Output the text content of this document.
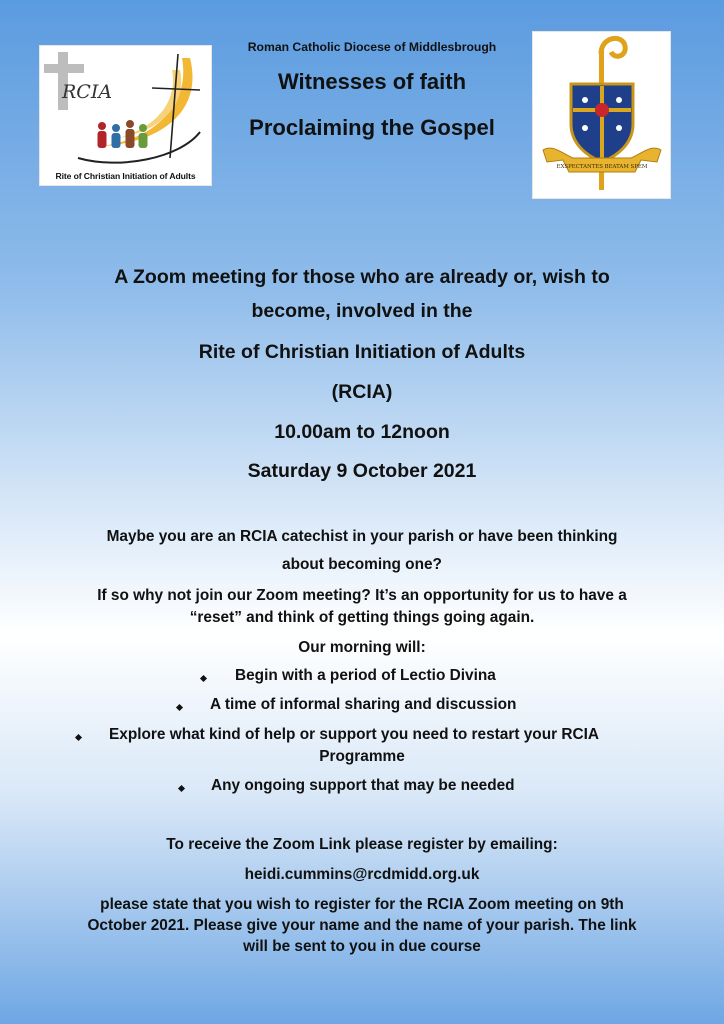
RCIA
Rite of Christian Initiation of Adults
Roman Catholic Diocese of Middlesbrough
Witnesses of faith
Proclaiming the Gospel
EXSPECTANTES BEATAM SPEM
A Zoom meeting for those who are already or, wish to
become, involved in the
Rite of Christian Initiation of Adults
(RCIA)
10.00am to 12noon
Saturday 9 October 2021
Maybe you are an RCIA catechist in your parish or have been thinking
about becoming one?
If so why not join our Zoom meeting? It’s an opportunity for us to have a
“reset” and think of getting things going again.
Our morning will:
Begin with a period of Lectio Divina
A time of informal sharing and discussion
Explore what kind of help or support you need to restart your RCIA
Programme
Any ongoing support that may be needed
To receive the Zoom Link please register by emailing:
heidi.cummins@rcdmidd.org.uk
please state that you wish to register for the RCIA Zoom meeting on 9th
October 2021. Please give your name and the name of your parish. The link
will be sent to you in due course
